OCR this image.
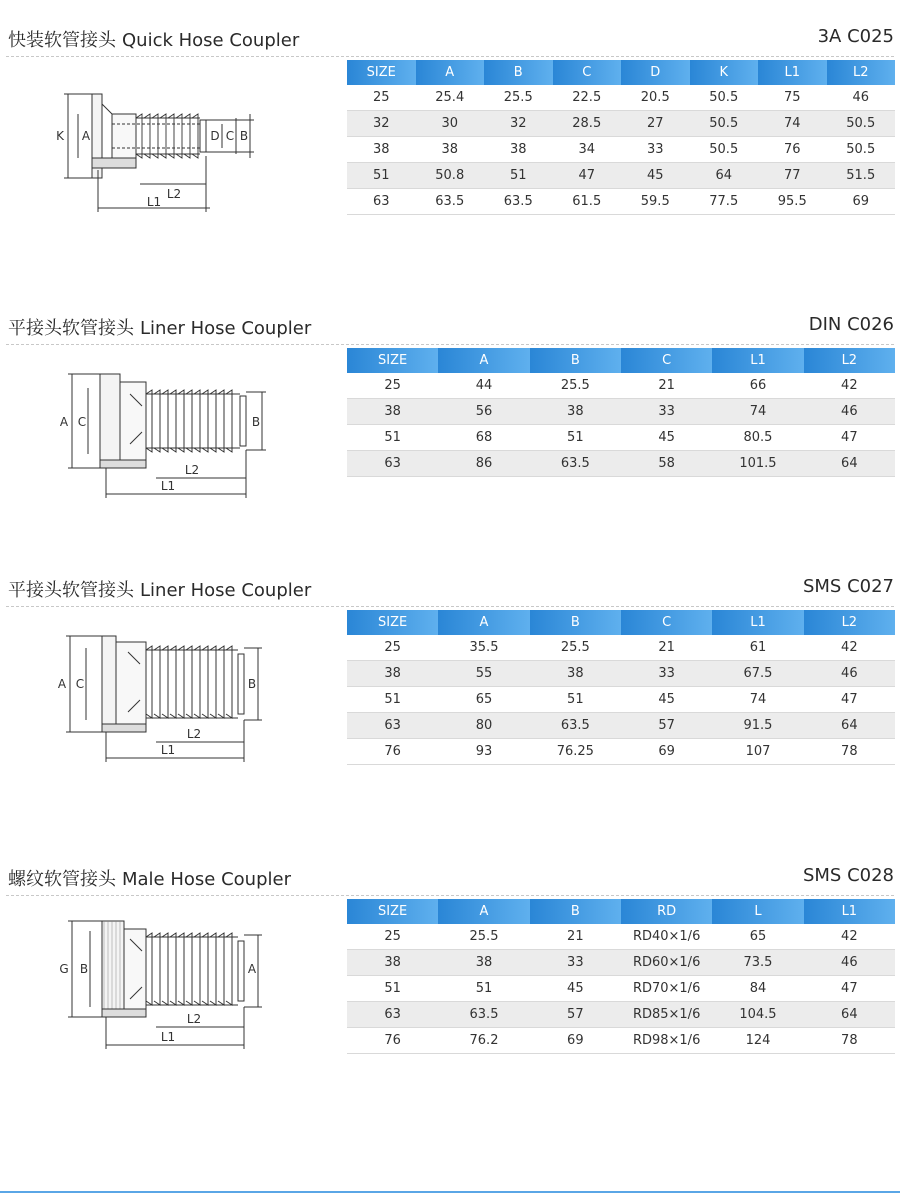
快装软管接头 Quick Hose Coupler	3A C025
K A	D C B
L2
L1
SIZE	A	B	C	D	K	L1	L2
25	25.4	25.5	22.5	20.5	50.5	75	46
32	30	32	28.5	27	50.5	74	50.5
38	38	38	34	33	50.5	76	50.5
51	50.8	51	47	45	64	77	51.5
63	63.5	63.5	61.5	59.5	77.5	95.5	69
平接头软管接头 Liner Hose Coupler	DIN C026
A C	B
L2
L1
SIZE	A	B	C	L1	L2
25	44	25.5	21	66	42
38	56	38	33	74	46
51	68	51	45	80.5	47
63	86	63.5	58	101.5	64
平接头软管接头 Liner Hose Coupler	SMS C027
A C	B
L2
L1
SIZE	A	B	C	L1	L2
25	35.5	25.5	21	61	42
38	55	38	33	67.5	46
51	65	51	45	74	47
63	80	63.5	57	91.5	64
76	93	76.25	69	107	78
螺纹软管接头 Male Hose Coupler	SMS C028
G B	A
L2
L1
SIZE	A	B	RD	L	L1
25	25.5	21	RD40×1/6	65	42
38	38	33	RD60×1/6	73.5	46
51	51	45	RD70×1/6	84	47
63	63.5	57	RD85×1/6	104.5	64
76	76.2	69	RD98×1/6	124	78
